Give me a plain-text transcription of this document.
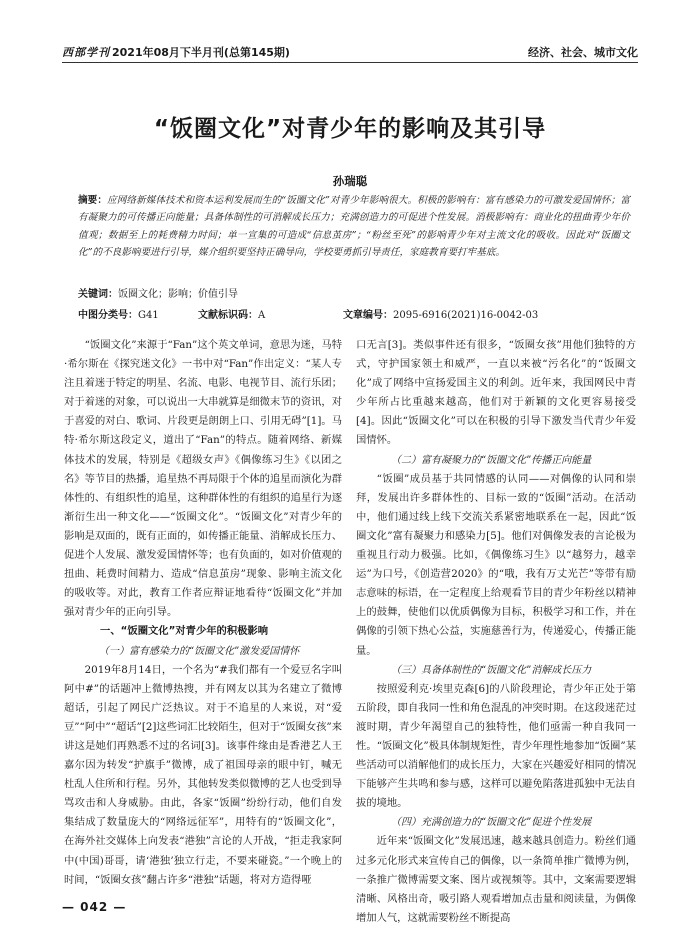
西部学刊 2021年08月下半月刊(总第145期)	经济、社会、城市文化
“饭圈文化”对青少年的影响及其引导
孙瑞聪
摘要：应网络新媒体技术和资本运利发展而生的“饭圈文化”对青少年影响很大。积极的影响有：富有感染力的可激发爱国情怀；富有凝聚力的可传播正向能量；具备体制性的可消解成长压力；充满创造力的可促进个性发展。消极影响有：商业化的扭曲青少年价值观；数据至上的耗费精力时间；单一宣集的可造成“信息茧房”；“粉丝至死”的影响青少年对主流文化的吸收。因此对“饭圈文化”的不良影响要进行引导，媒介组织要坚持正确导向，学校要勇抓引导责任，家庭教育要打牢基底。
关键词：饭圈文化；影响；价值引导
中图分类号：G41	文献标识码：A	文章编号：2095-6916(2021)16-0042-03

“饭圈文化”来源于“Fan”这个英文单词，意思为迷，马特·希尔斯在《探究迷文化》一书中对“Fan”作出定义：“某人专注且着迷于特定的明星、名流、电影、电视节目、流行乐团；对于着迷的对象，可以说出一大串就算是细微末节的资讯，对于喜爱的对白、歌词、片段更是朗朗上口、引用无碍”[1]。马特·希尔斯这段定义，道出了“Fan”的特点。随着网络、新媒体技术的发展，特别是《超级女声》《偶像练习生》《以团之名》等节目的热播，追星热不再局限于个体的追星而演化为群体性的、有组织性的追星，这种群体性的有组织的追星行为逐渐衍生出一种文化——“饭圈文化”。“饭圈文化”对青少年的影响是双面的，既有正面的，如传播正能量、消解成长压力、促进个人发展、激发爱国情怀等；也有负面的，如对价值观的扭曲、耗费时间精力、造成“信息茧房”现象、影响主流文化的吸收等。对此，教育工作者应辩证地看待“饭圈文化”并加强对青少年的正向引导。

一、“饭圈文化”对青少年的积极影响

（一）富有感染力的“饭圈文化”激发爱国情怀

2019年8月14日，一个名为“#我们都有一个爱豆名字叫阿中#”的话题冲上微博热搜，并有网友以其为名建立了微博超话，引起了网民广泛热议。对于不追星的人来说，对“爱豆”“阿中”“超话”[2]这些词汇比较陌生，但对于“饭圈女孩”来讲这是她们再熟悉不过的名词[3]。该事件缘由是香港艺人王嘉尔因为转发“护旗手”微博，成了祖国母亲的眼中钉，喊无杜乱人住所和行程。另外，其他转发类似微博的艺人也受到导骂攻击和人身威胁。由此，各家“饭圈”纷纷行动，他们自发集结成了数量庞大的“网络远征军”，用特有的“饭圈文化”，在海外社交媒体上向发表“港独”言论的人开战，“拒走我家阿中(中国)哥哥，请‘港独’独立行走，不要来碰瓷。”一个晚上的时间，“饭圈女孩”翻占许多“港独”话题，将对方造得哑

口无言[3]。类似事件还有很多，“饭圈女孩”用他们独特的方式，守护国家领土和威严，一直以来被“污名化”的“饭圈文化”成了网络中宣扬爱国主义的利剑。近年来，我国网民中青少年所占比重越来越高，他们对于新颖的文化更容易接受[4]。因此“饭圈文化”可以在积极的引导下激发当代青少年爱国情怀。

（二）富有凝聚力的“饭圈文化”传播正向能量

“饭圈”成员基于共同情感的认同——对偶像的认同和崇拜，发展出许多群体性的、目标一致的“饭圈”活动。在活动中，他们通过线上线下交流关系紧密地联系在一起，因此“饭圈文化”富有凝聚力和感染力[5]。他们对偶像发表的言论极为重视且行动力极强。比如，《偶像练习生》以“越努力，越幸运”为口号，《创造营2020》的“哦，我有万丈光芒”等带有励志意味的标语，在一定程度上给观看节目的青少年粉丝以精神上的鼓舞，使他们以优质偶像为目标，积极学习和工作，并在偶像的引领下热心公益，实施慈善行为，传递爱心，传播正能量。

（三）具备体制性的“饭圈文化”消解成长压力

按照爱利克·埃里克森[6]的八阶段理论，青少年正处于第五阶段，即自我同一性和角色混乱的冲突时期。在这段迷茫过渡时期，青少年渴望自己的独特性，他们亟需一种自我同一性。“饭圈文化”极具体制规矩性，青少年理性地参加“饭圈”某些活动可以消解他们的成长压力，大家在兴趣爱好相同的情况下能够产生共鸣和参与感，这样可以避免陷落进孤独中无法自拔的境地。

（四）充满创造力的“饭圈文化”促进个性发展

近年来“饭圈文化”发展迅速，越来越具创造力。粉丝们通过多元化形式来宣传自己的偶像，以一条简单推广微博为例，一条推广微博需要文案、图片或视频等。其中，文案需要逻辑清晰、风格出奇，吸引路人观看增加点击量和阅读量，为偶像增加人气，这就需要粉丝不断提高

— 042 —
